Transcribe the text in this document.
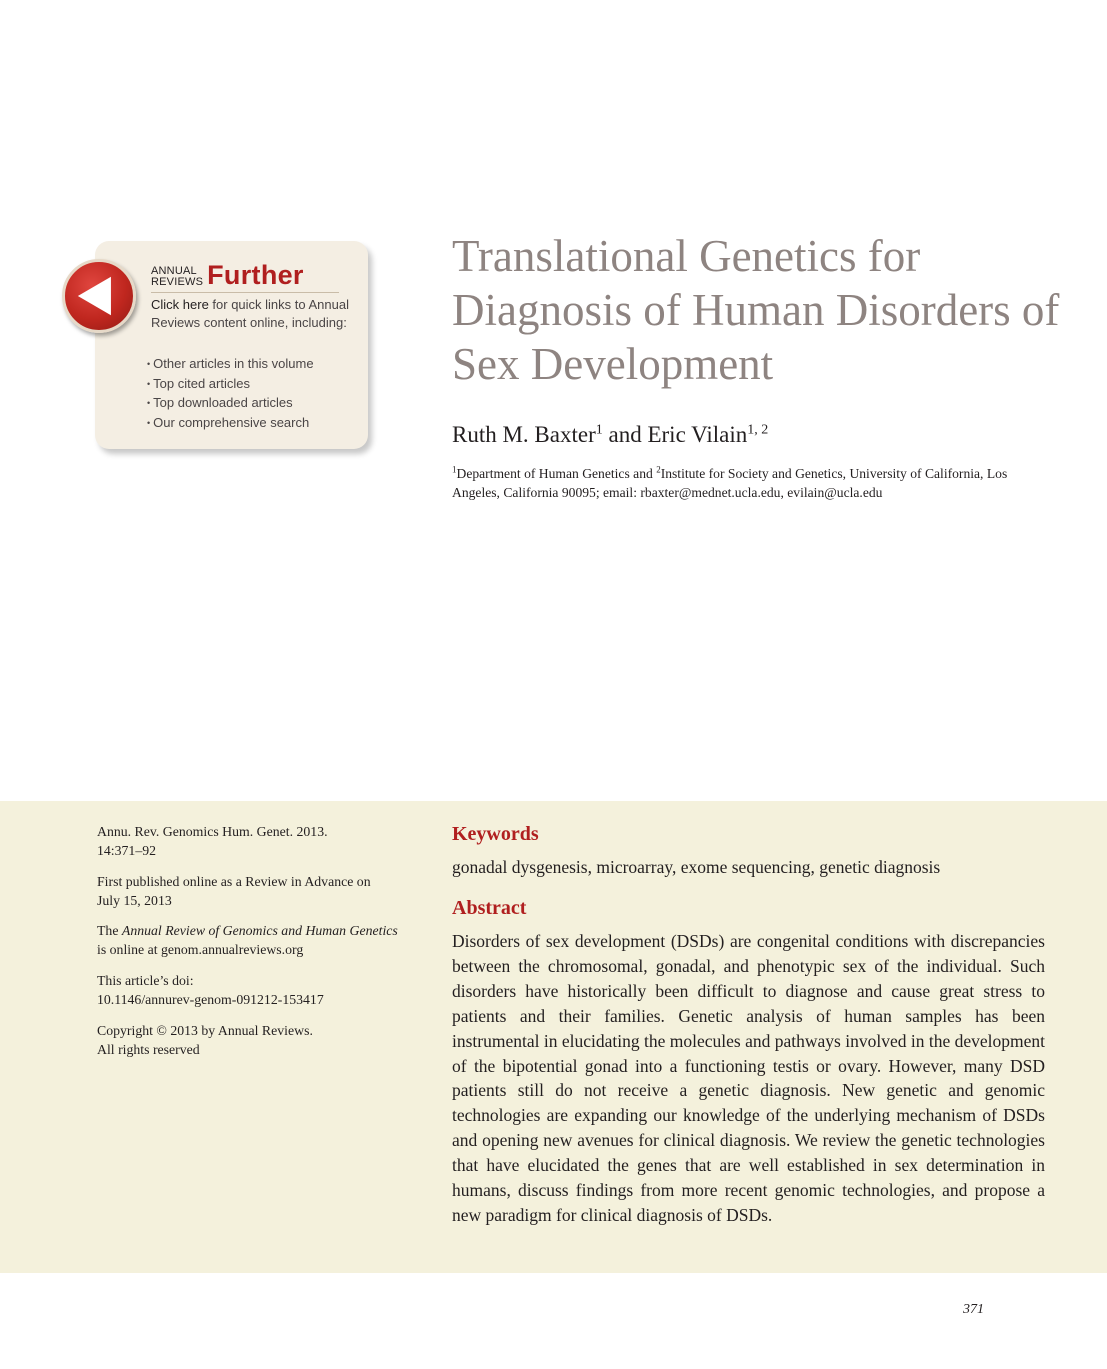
ANNUAL
REVIEWS Further
Click here for quick links to Annual Reviews content online, including:
• Other articles in this volume
• Top cited articles
• Top downloaded articles
• Our comprehensive search
Translational Genetics for Diagnosis of Human Disorders of Sex Development
Ruth M. Baxter$^1$ and Eric Vilain$^{1, 2}$
$^1$Department of Human Genetics and $^2$Institute for Society and Genetics, University of California, Los Angeles, California 90095; email: rbaxter@mednet.ucla.edu, evilain@ucla.edu
Annu. Rev. Genomics Hum. Genet. 2013.
14:371–92
First published online as a Review in Advance on
July 15, 2013
The Annual Review of Genomics and Human Genetics
is online at genom.annualreviews.org
This article’s doi:
10.1146/annurev-genom-091212-153417
Copyright © 2013 by Annual Reviews.
All rights reserved
Keywords
gonadal dysgenesis, microarray, exome sequencing, genetic diagnosis
Abstract

Disorders of sex development (DSDs) are congenital conditions with discrepancies between the chromosomal, gonadal, and phenotypic sex of the individual. Such disorders have historically been difficult to diagnose and cause great stress to patients and their families. Genetic analysis of human samples has been instrumental in elucidating the molecules and pathways involved in the development of the bipotential gonad into a functioning testis or ovary. However, many DSD patients still do not receive a genetic diagnosis. New genetic and genomic technologies are expanding our knowledge of the underlying mechanism of DSDs and opening new avenues for clinical diagnosis. We review the genetic technologies that have elucidated the genes that are well established in sex determination in humans, discuss findings from more recent genomic technologies, and propose a new paradigm for clinical diagnosis of DSDs.

371
